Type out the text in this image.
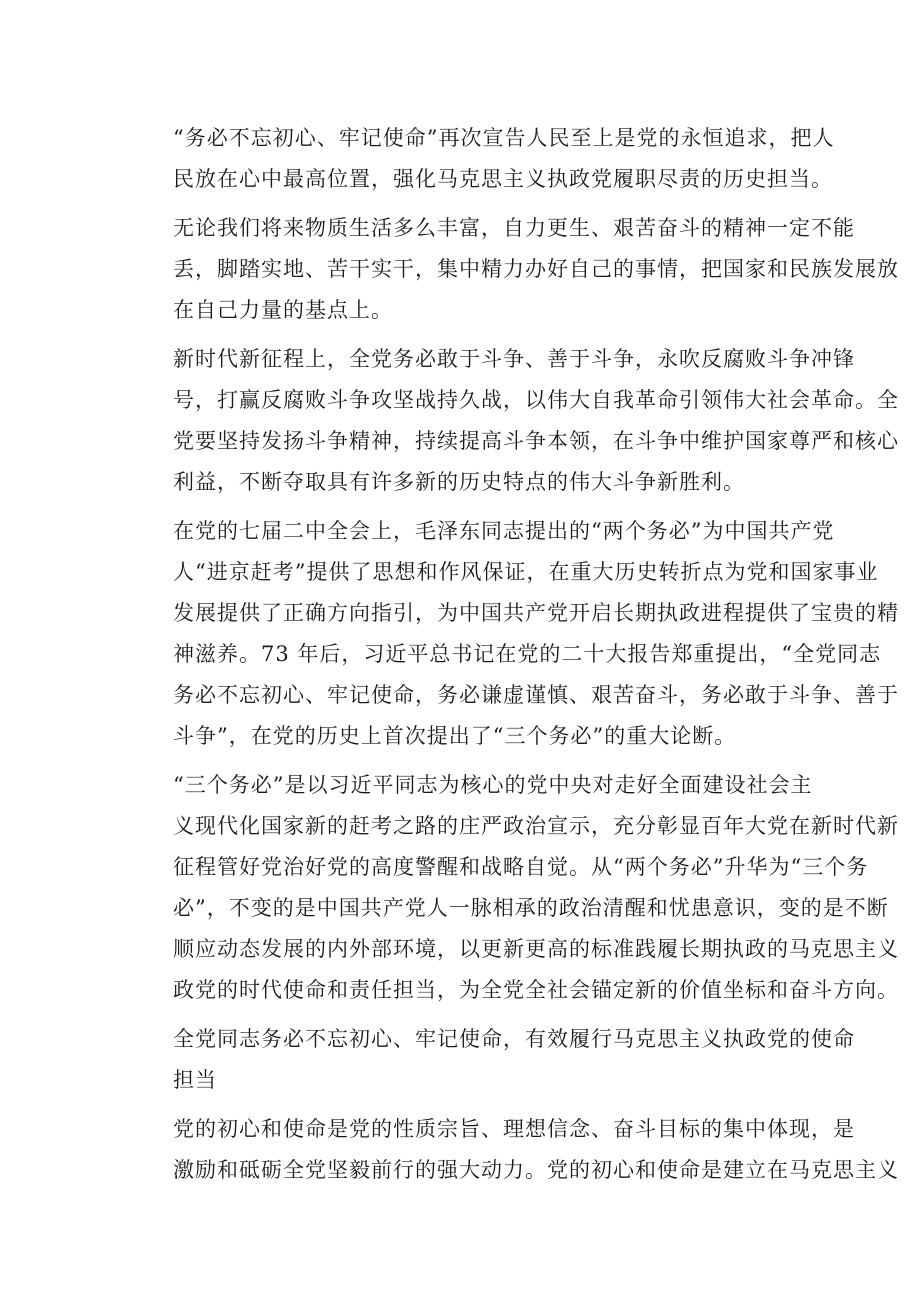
“务必不忘初心、牢记使命”再次宣告人民至上是党的永恒追求，把人
民放在心中最高位置，强化马克思主义执政党履职尽责的历史担当。

无论我们将来物质生活多么丰富，自力更生、艰苦奋斗的精神一定不能
丢，脚踏实地、苦干实干，集中精力办好自己的事情，把国家和民族发展放
在自己力量的基点上。

新时代新征程上，全党务必敢于斗争、善于斗争，永吹反腐败斗争冲锋
号，打赢反腐败斗争攻坚战持久战，以伟大自我革命引领伟大社会革命。全
党要坚持发扬斗争精神，持续提高斗争本领，在斗争中维护国家尊严和核心
利益，不断夺取具有许多新的历史特点的伟大斗争新胜利。

在党的七届二中全会上，毛泽东同志提出的“两个务必”为中国共产党
人“进京赶考”提供了思想和作风保证，在重大历史转折点为党和国家事业
发展提供了正确方向指引，为中国共产党开启长期执政进程提供了宝贵的精
神滋养。73 年后，习近平总书记在党的二十大报告郑重提出，“全党同志
务必不忘初心、牢记使命，务必谦虚谨慎、艰苦奋斗，务必敢于斗争、善于
斗争”，在党的历史上首次提出了“三个务必”的重大论断。

“三个务必”是以习近平同志为核心的党中央对走好全面建设社会主
义现代化国家新的赶考之路的庄严政治宣示，充分彰显百年大党在新时代新
征程管好党治好党的高度警醒和战略自觉。从“两个务必”升华为“三个务
必”，不变的是中国共产党人一脉相承的政治清醒和忧患意识，变的是不断
顺应动态发展的内外部环境，以更新更高的标准践履长期执政的马克思主义
政党的时代使命和责任担当，为全党全社会锚定新的价值坐标和奋斗方向。

全党同志务必不忘初心、牢记使命，有效履行马克思主义执政党的使命
担当

党的初心和使命是党的性质宗旨、理想信念、奋斗目标的集中体现，是
激励和砥砺全党坚毅前行的强大动力。党的初心和使命是建立在马克思主义
